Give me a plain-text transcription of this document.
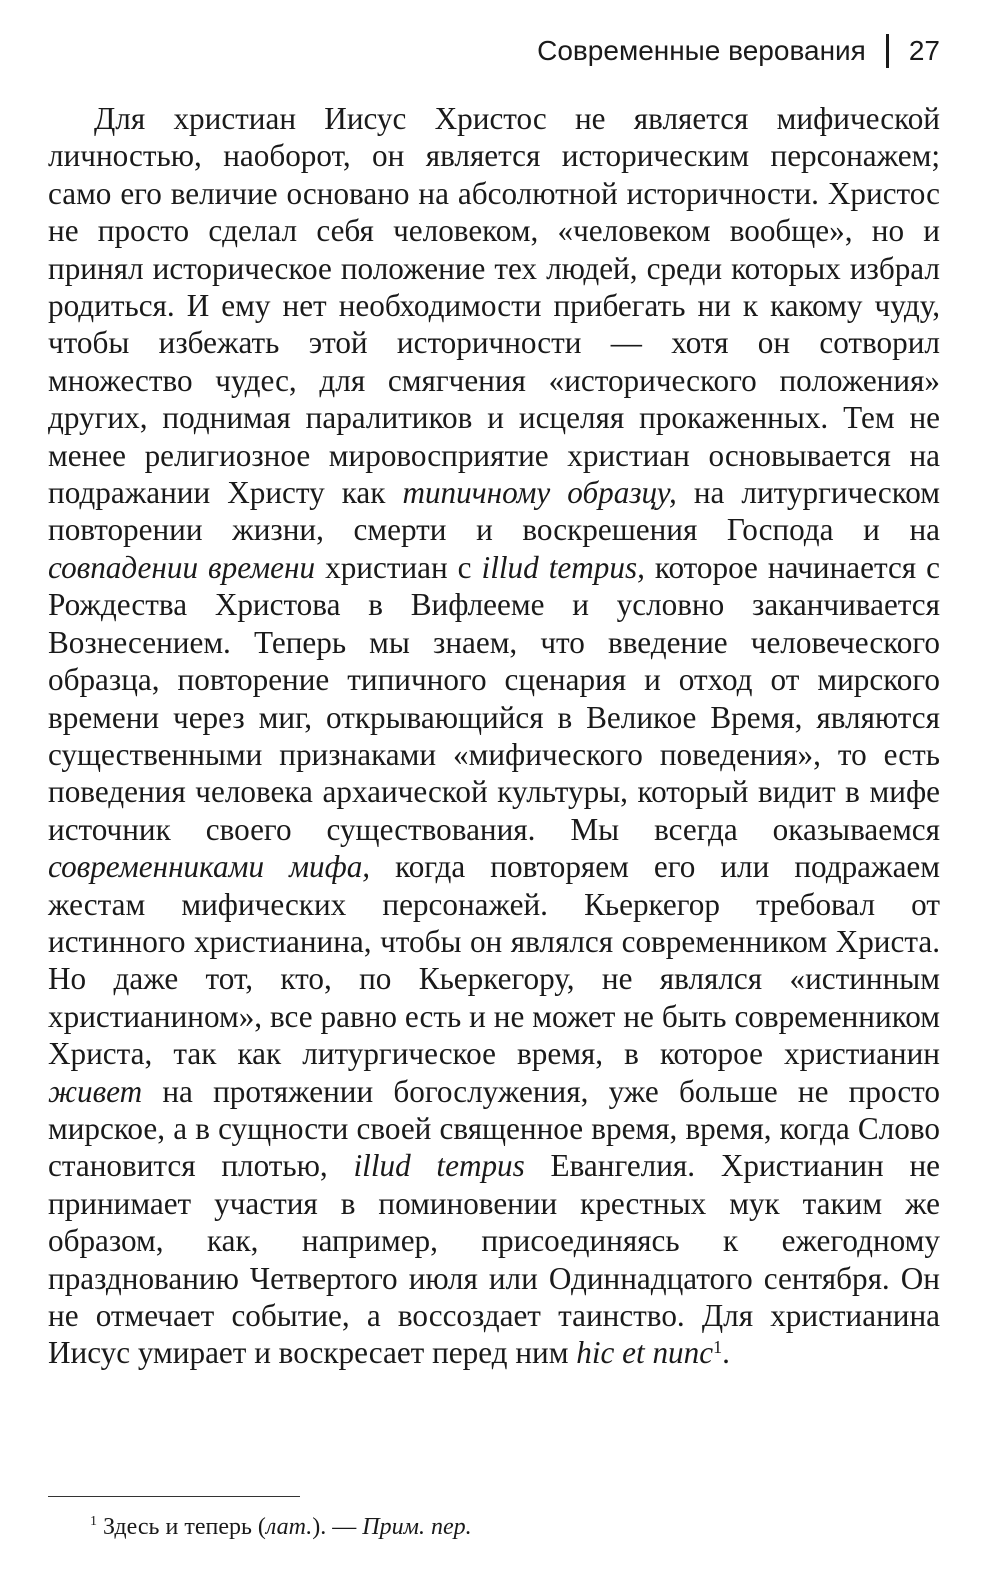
Современные верования 27

Для христиан Иисус Христос не является мифической личностью, наоборот, он является историческим персонажем; само его величие основано на абсолютной историчности. Христос не просто сделал себя человеком, «человеком вообще», но и принял историческое положение тех людей, среди которых избрал родиться. И ему нет необходимости прибегать ни к какому чуду, чтобы избежать этой историчности — хотя он сотворил множество чудес, для смягчения «исторического положения» других, поднимая паралитиков и исцеляя прокаженных. Тем не менее религиозное мировосприятие христиан основывается на подражании Христу как типичному образцу, на литургическом повторении жизни, смерти и воскрешения Господа и на совпадении времени христиан с illud tempus, которое начинается с Рождества Христова в Вифлееме и условно заканчивается Вознесением. Теперь мы знаем, что введение человеческого образца, повторение типичного сценария и отход от мирского времени через миг, открывающийся в Великое Время, являются существенными признаками «мифического поведения», то есть поведения человека архаической культуры, который видит в мифе источник своего существования. Мы всегда оказываемся современниками мифа, когда повторяем его или подражаем жестам мифических персонажей. Кьеркегор требовал от истинного христианина, чтобы он являлся современником Христа. Но даже тот, кто, по Кьеркегору, не являлся «истинным христианином», все равно есть и не может не быть современником Христа, так как литургическое время, в которое христианин живет на протяжении богослужения, уже больше не просто мирское, а в сущности своей священное время, время, когда Слово становится плотью, illud tempus Евангелия. Христианин не принимает участия в поминовении крестных мук таким же образом, как, например, присоединяясь к ежегодному празднованию Четвертого июля или Одиннадцатого сентября. Он не отмечает событие, а воссоздает таинство. Для христианина Иисус умирает и воскресает перед ним hic et nunc$^1$.

$^1$ Здесь и теперь (лат.). — Прим. пер.
